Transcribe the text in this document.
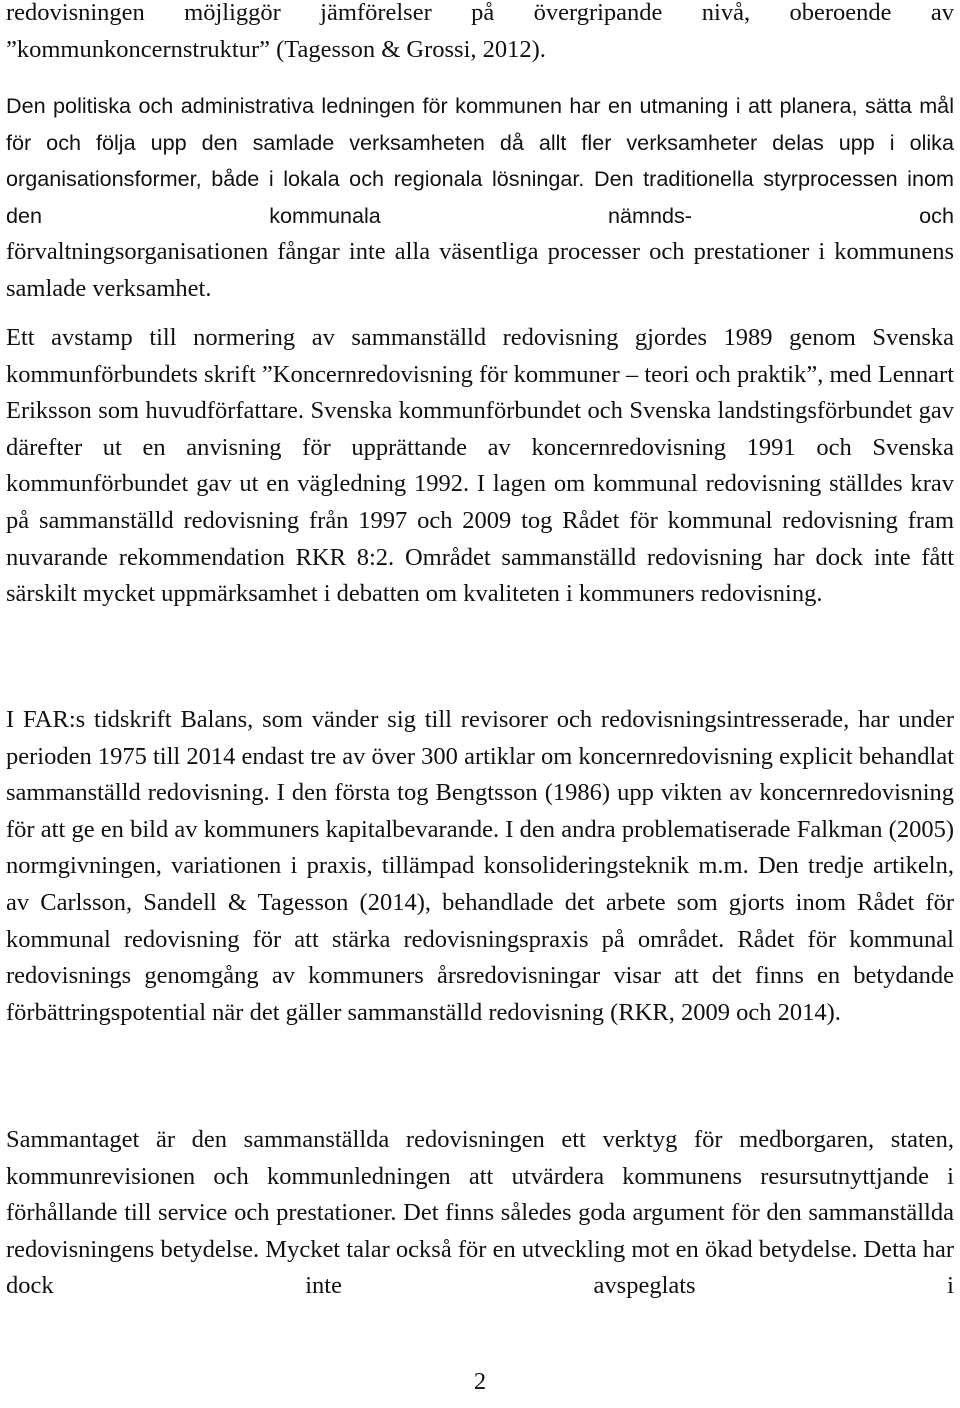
redovisningen möjliggör jämförelser på övergripande nivå, oberoende av
”kommunkoncernstruktur” (Tagesson & Grossi, 2012).

Den politiska och administrativa ledningen för kommunen har en utmaning i att planera, sätta mål för och följa upp den samlade verksamheten då allt fler verksamheter delas upp i olika organisationsformer, både i lokala och regionala lösningar. Den traditionella styrprocessen inom den kommunala nämnds- och

förvaltningsorganisationen fångar inte alla väsentliga processer och prestationer i kommunens samlade verksamhet.

Ett avstamp till normering av sammanställd redovisning gjordes 1989 genom Svenska kommunförbundets skrift ”Koncernredovisning för kommuner – teori och praktik”, med Lennart Eriksson som huvudförfattare. Svenska kommunförbundet och Svenska landstingsförbundet gav därefter ut en anvisning för upprättande av koncernredovisning 1991 och Svenska kommunförbundet gav ut en vägledning 1992. I lagen om kommunal redovisning ställdes krav på sammanställd redovisning från 1997 och 2009 tog Rådet för kommunal redovisning fram nuvarande rekommendation RKR 8:2. Området sammanställd redovisning har dock inte fått särskilt mycket uppmärksamhet i debatten om kvaliteten i kommuners redovisning.

I FAR:s tidskrift Balans, som vänder sig till revisorer och redovisningsintresserade, har under perioden 1975 till 2014 endast tre av över 300 artiklar om koncernredovisning explicit behandlat sammanställd redovisning. I den första tog Bengtsson (1986) upp vikten av koncernredovisning för att ge en bild av kommuners kapitalbevarande. I den andra problematiserade Falkman (2005) normgivningen, variationen i praxis, tillämpad konsolideringsteknik m.m. Den tredje artikeln, av Carlsson, Sandell & Tagesson (2014), behandlade det arbete som gjorts inom Rådet för kommunal redovisning för att stärka redovisningspraxis på området. Rådet för kommunal redovisnings genomgång av kommuners årsredovisningar visar att det finns en betydande förbättringspotential när det gäller sammanställd redovisning (RKR, 2009 och 2014).

Sammantaget är den sammanställda redovisningen ett verktyg för medborgaren, staten, kommunrevisionen och kommunledningen att utvärdera kommunens resursutnyttjande i förhållande till service och prestationer. Det finns således goda argument för den sammanställda redovisningens betydelse. Mycket talar också för en utveckling mot en ökad betydelse. Detta har dock inte avspeglats i

2
